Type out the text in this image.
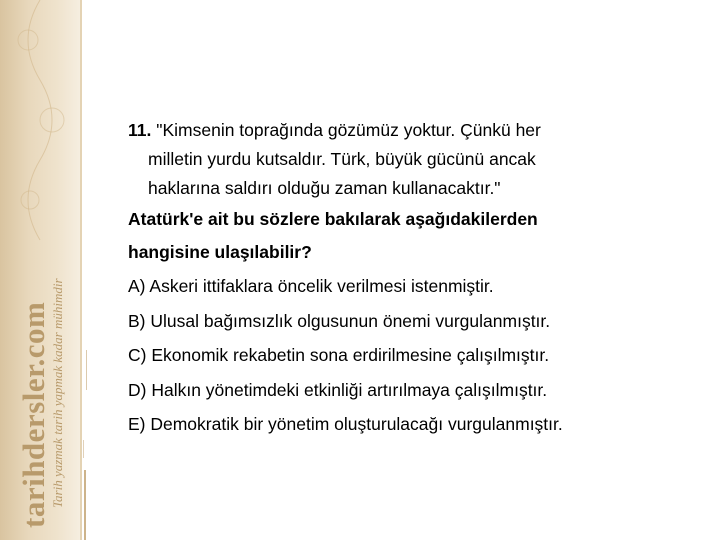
tarihdersler.com Tarih yazmak tarih yapmak kadar mühimdir
11. "Kimsenin toprağında gözümüz yoktur. Çünkü her
milletin yurdu kutsaldır. Türk, büyük gücünü ancak
haklarına saldırı olduğu zaman kullanacaktır."
Atatürk'e ait bu sözlere bakılarak aşağıdakilerden
hangisine ulaşılabilir?
A) Askeri ittifaklara öncelik verilmesi istenmiştir.
B) Ulusal bağımsızlık olgusunun önemi vurgulanmıştır.
C) Ekonomik rekabetin sona erdirilmesine çalışılmıştır.
D) Halkın yönetimdeki etkinliği artırılmaya çalışılmıştır.
E) Demokratik bir yönetim oluşturulacağı vurgulanmıştır.
